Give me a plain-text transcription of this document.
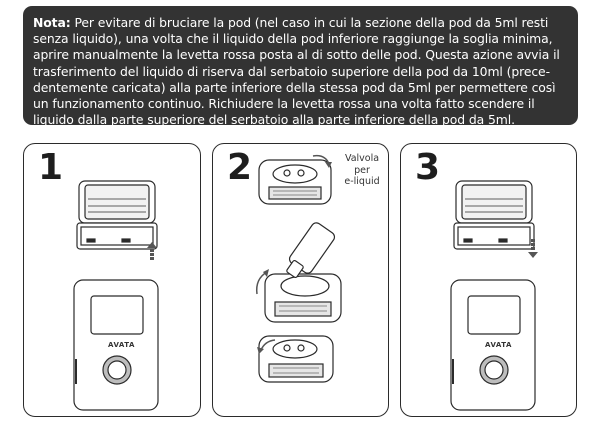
Nota: Per evitare di bruciare la pod (nel caso in cui la sezione della pod da 5ml resti senza liquido), una volta che il liquido della pod inferiore raggiunge la soglia minima, aprire manualmente la levetta rossa posta al di sotto delle pod. Questa azione avvia il trasferimento del liquido di riserva dal serbatoio superiore della pod da 10ml (prece-dentemente caricata) alla parte inferiore della stessa pod da 5ml per permettere così un funzionamento continuo. Richiudere la levetta rossa una volta fatto scendere il liquido dalla parte superiore del serbatoio alla parte inferiore della pod da 5ml.
1
AVATA
2	Valvola
per
e-liquid 3
AVATA
